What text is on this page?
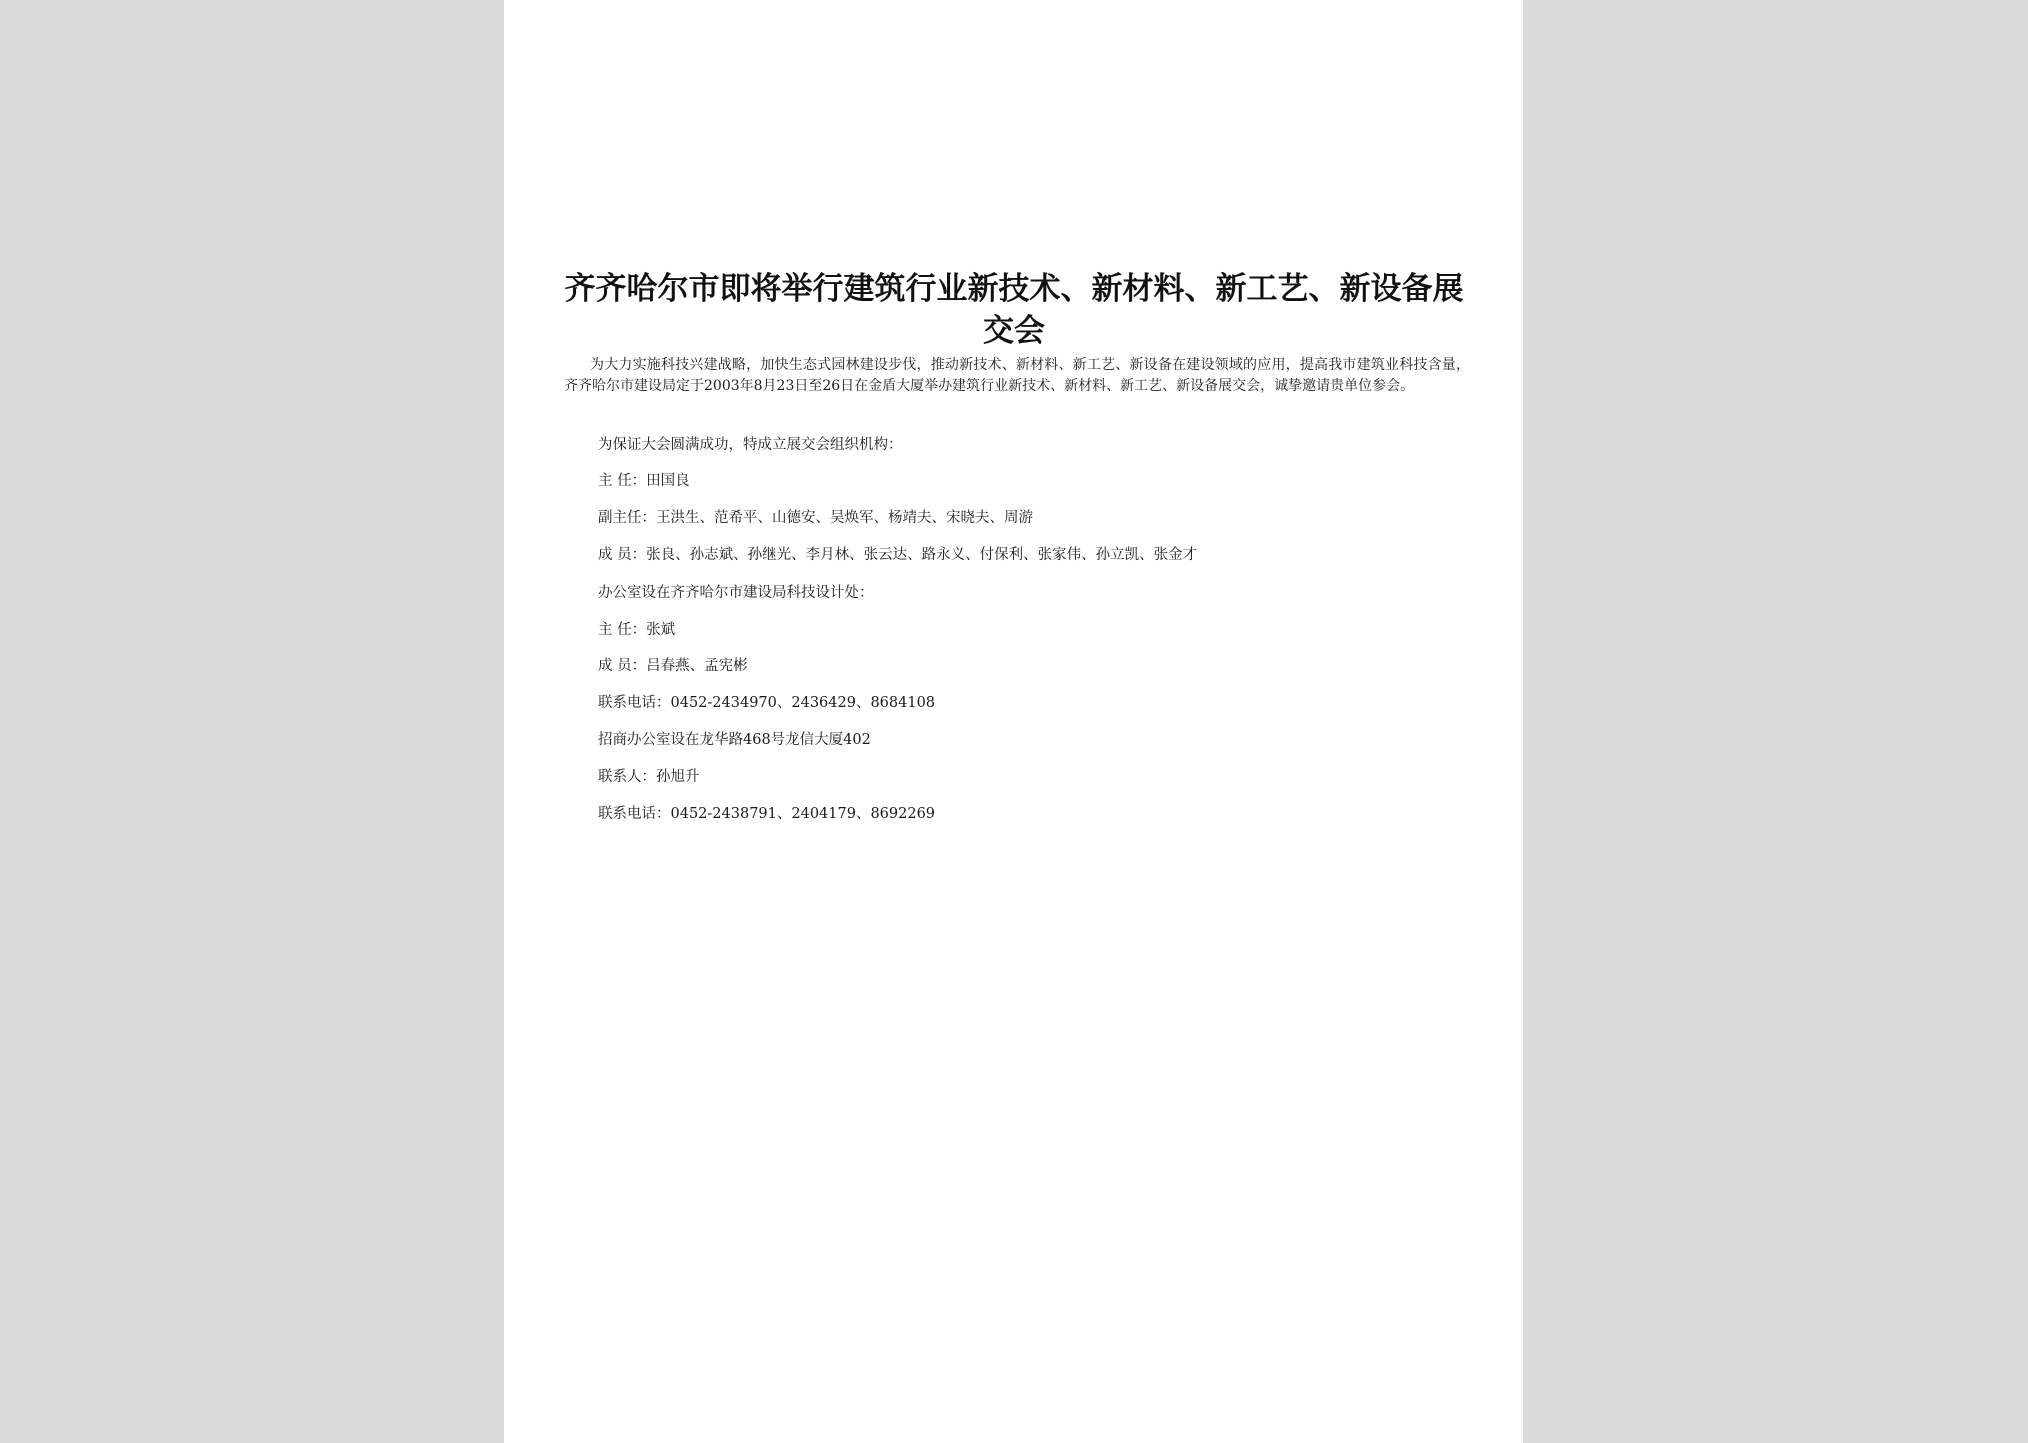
齐齐哈尔市即将举行建筑行业新技术、新材料、新工艺、新设备展交会

为大力实施科技兴建战略，加快生态式园林建设步伐，推动新技术、新材料、新工艺、新设备在建设领域的应用，提高我市建筑业科技含量，齐齐哈尔市建设局定于2003年8月23日至26日在金盾大厦举办建筑行业新技术、新材料、新工艺、新设备展交会，诚挚邀请贵单位参会。

为保证大会圆满成功，特成立展交会组织机构：

主 任：田国良

副主任：王洪生、范希平、山德安、吴焕军、杨靖夫、宋晓夫、周游

成 员：张良、孙志斌、孙继光、李月林、张云达、路永义、付保利、张家伟、孙立凯、张金才

办公室设在齐齐哈尔市建设局科技设计处：

主 任：张斌

成 员：吕春燕、孟宪彬

联系电话：0452-2434970、2436429、8684108

招商办公室设在龙华路468号龙信大厦402

联系人：孙旭升

联系电话：0452-2438791、2404179、8692269
